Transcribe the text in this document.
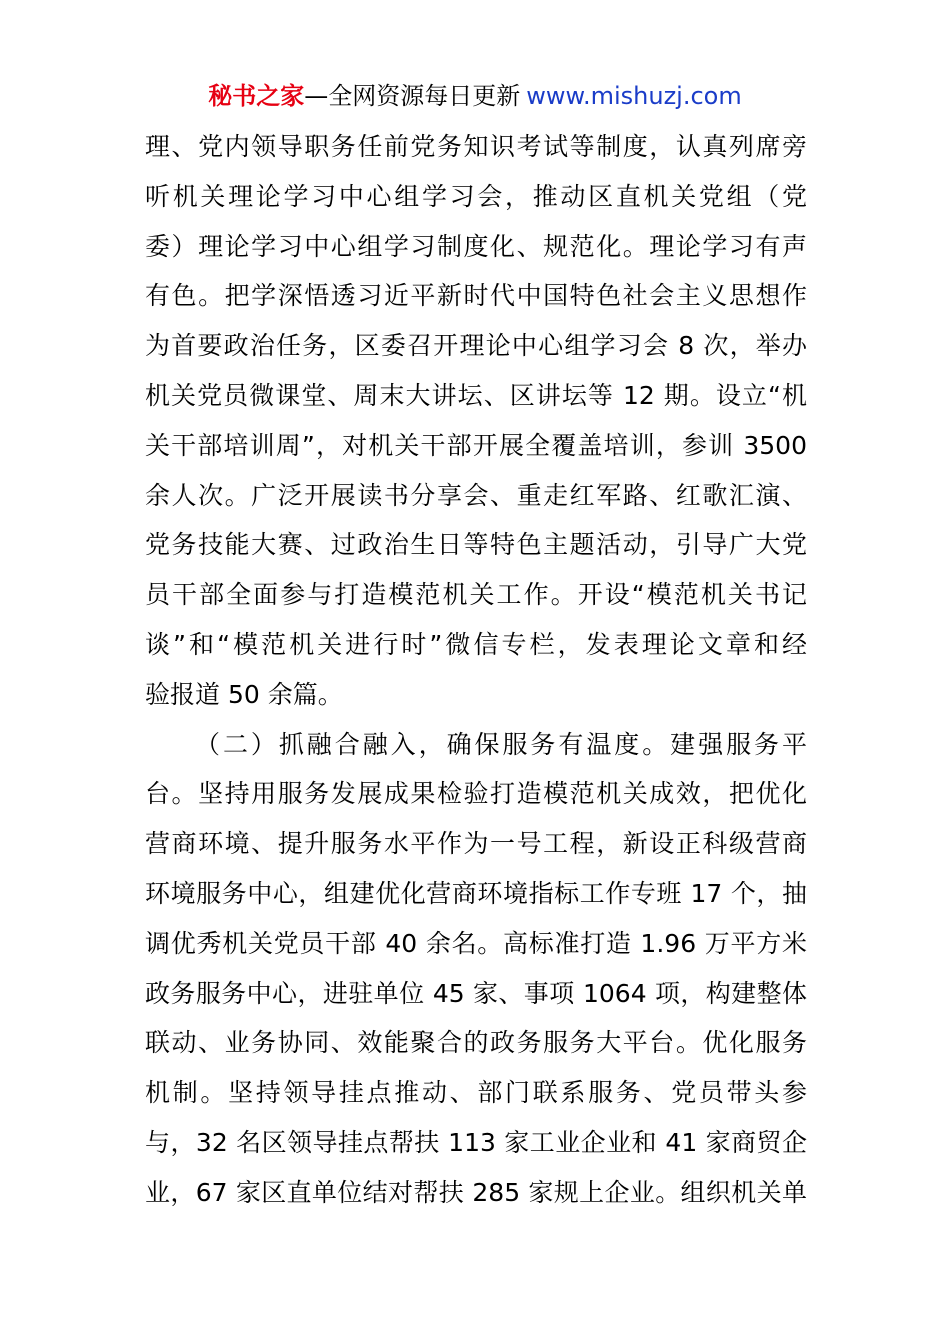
秘书之家—全网资源每日更新 www.mishuzj.com
理、党内领导职务任前党务知识考试等制度，认真列席旁
听机关理论学习中心组学习会，推动区直机关党组（党
委）理论学习中心组学习制度化、规范化。理论学习有声
有色。把学深悟透习近平新时代中国特色社会主义思想作
为首要政治任务，区委召开理论中心组学习会 8 次，举办
机关党员微课堂、周末大讲坛、区讲坛等 12 期。设立“机
关干部培训周”，对机关干部开展全覆盖培训，参训 3500
余人次。广泛开展读书分享会、重走红军路、红歌汇演、
党务技能大赛、过政治生日等特色主题活动，引导广大党
员干部全面参与打造模范机关工作。开设“模范机关书记
谈”和“模范机关进行时”微信专栏，发表理论文章和经
验报道 50 余篇。
（二）抓融合融入，确保服务有温度。建强服务平
台。坚持用服务发展成果检验打造模范机关成效，把优化
营商环境、提升服务水平作为一号工程，新设正科级营商
环境服务中心，组建优化营商环境指标工作专班 17 个，抽
调优秀机关党员干部 40 余名。高标准打造 1.96 万平方米
政务服务中心，进驻单位 45 家、事项 1064 项，构建整体
联动、业务协同、效能聚合的政务服务大平台。优化服务
机制。坚持领导挂点推动、部门联系服务、党员带头参
与，32 名区领导挂点帮扶 113 家工业企业和 41 家商贸企
业，67 家区直单位结对帮扶 285 家规上企业。组织机关单
